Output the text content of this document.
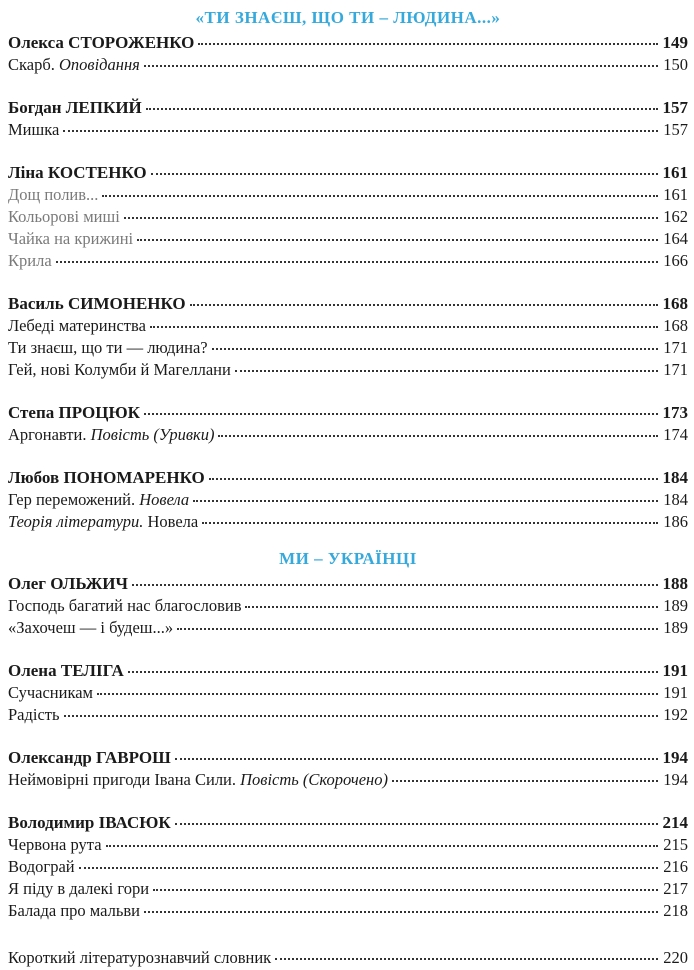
«ТИ ЗНАЄШ, ЩО ТИ – ЛЮДИНА...»
Олекса СТОРОЖЕНКО	149
Скарб. Оповідання	150
Богдан ЛЕПКИЙ	157
Мишка	157
Ліна КОСТЕНКО	161
Дощ полив...	161
Кольорові миші	162
Чайка на крижині	164
Крила	166
Василь СИМОНЕНКО	168
Лебеді материнства	168
Ти знаєш, що ти — людина?	171
Гей, нові Колумби й Магеллани	171
Степа ПРОЦЮК	173
Аргонавти. Повість (Уривки)	174
Любов ПОНОМАРЕНКО	184
Гер переможений. Новела	184
Теорія літератури. Новела	186
МИ – УКРАЇНЦІ
Олег ОЛЬЖИЧ	188
Господь багатий нас благословив	189
«Захочеш — і будеш...»	189
Олена ТЕЛІГА	191
Сучасникам	191
Радість	192
Олександр ГАВРОШ	194
Неймовірні пригоди Івана Сили. Повість (Скорочено)	194
Володимир ІВАСЮК	214
Червона рута	215
Водограй	216
Я піду в далекі гори	217
Балада про мальви	218
Короткий літературознавчий словник	220
